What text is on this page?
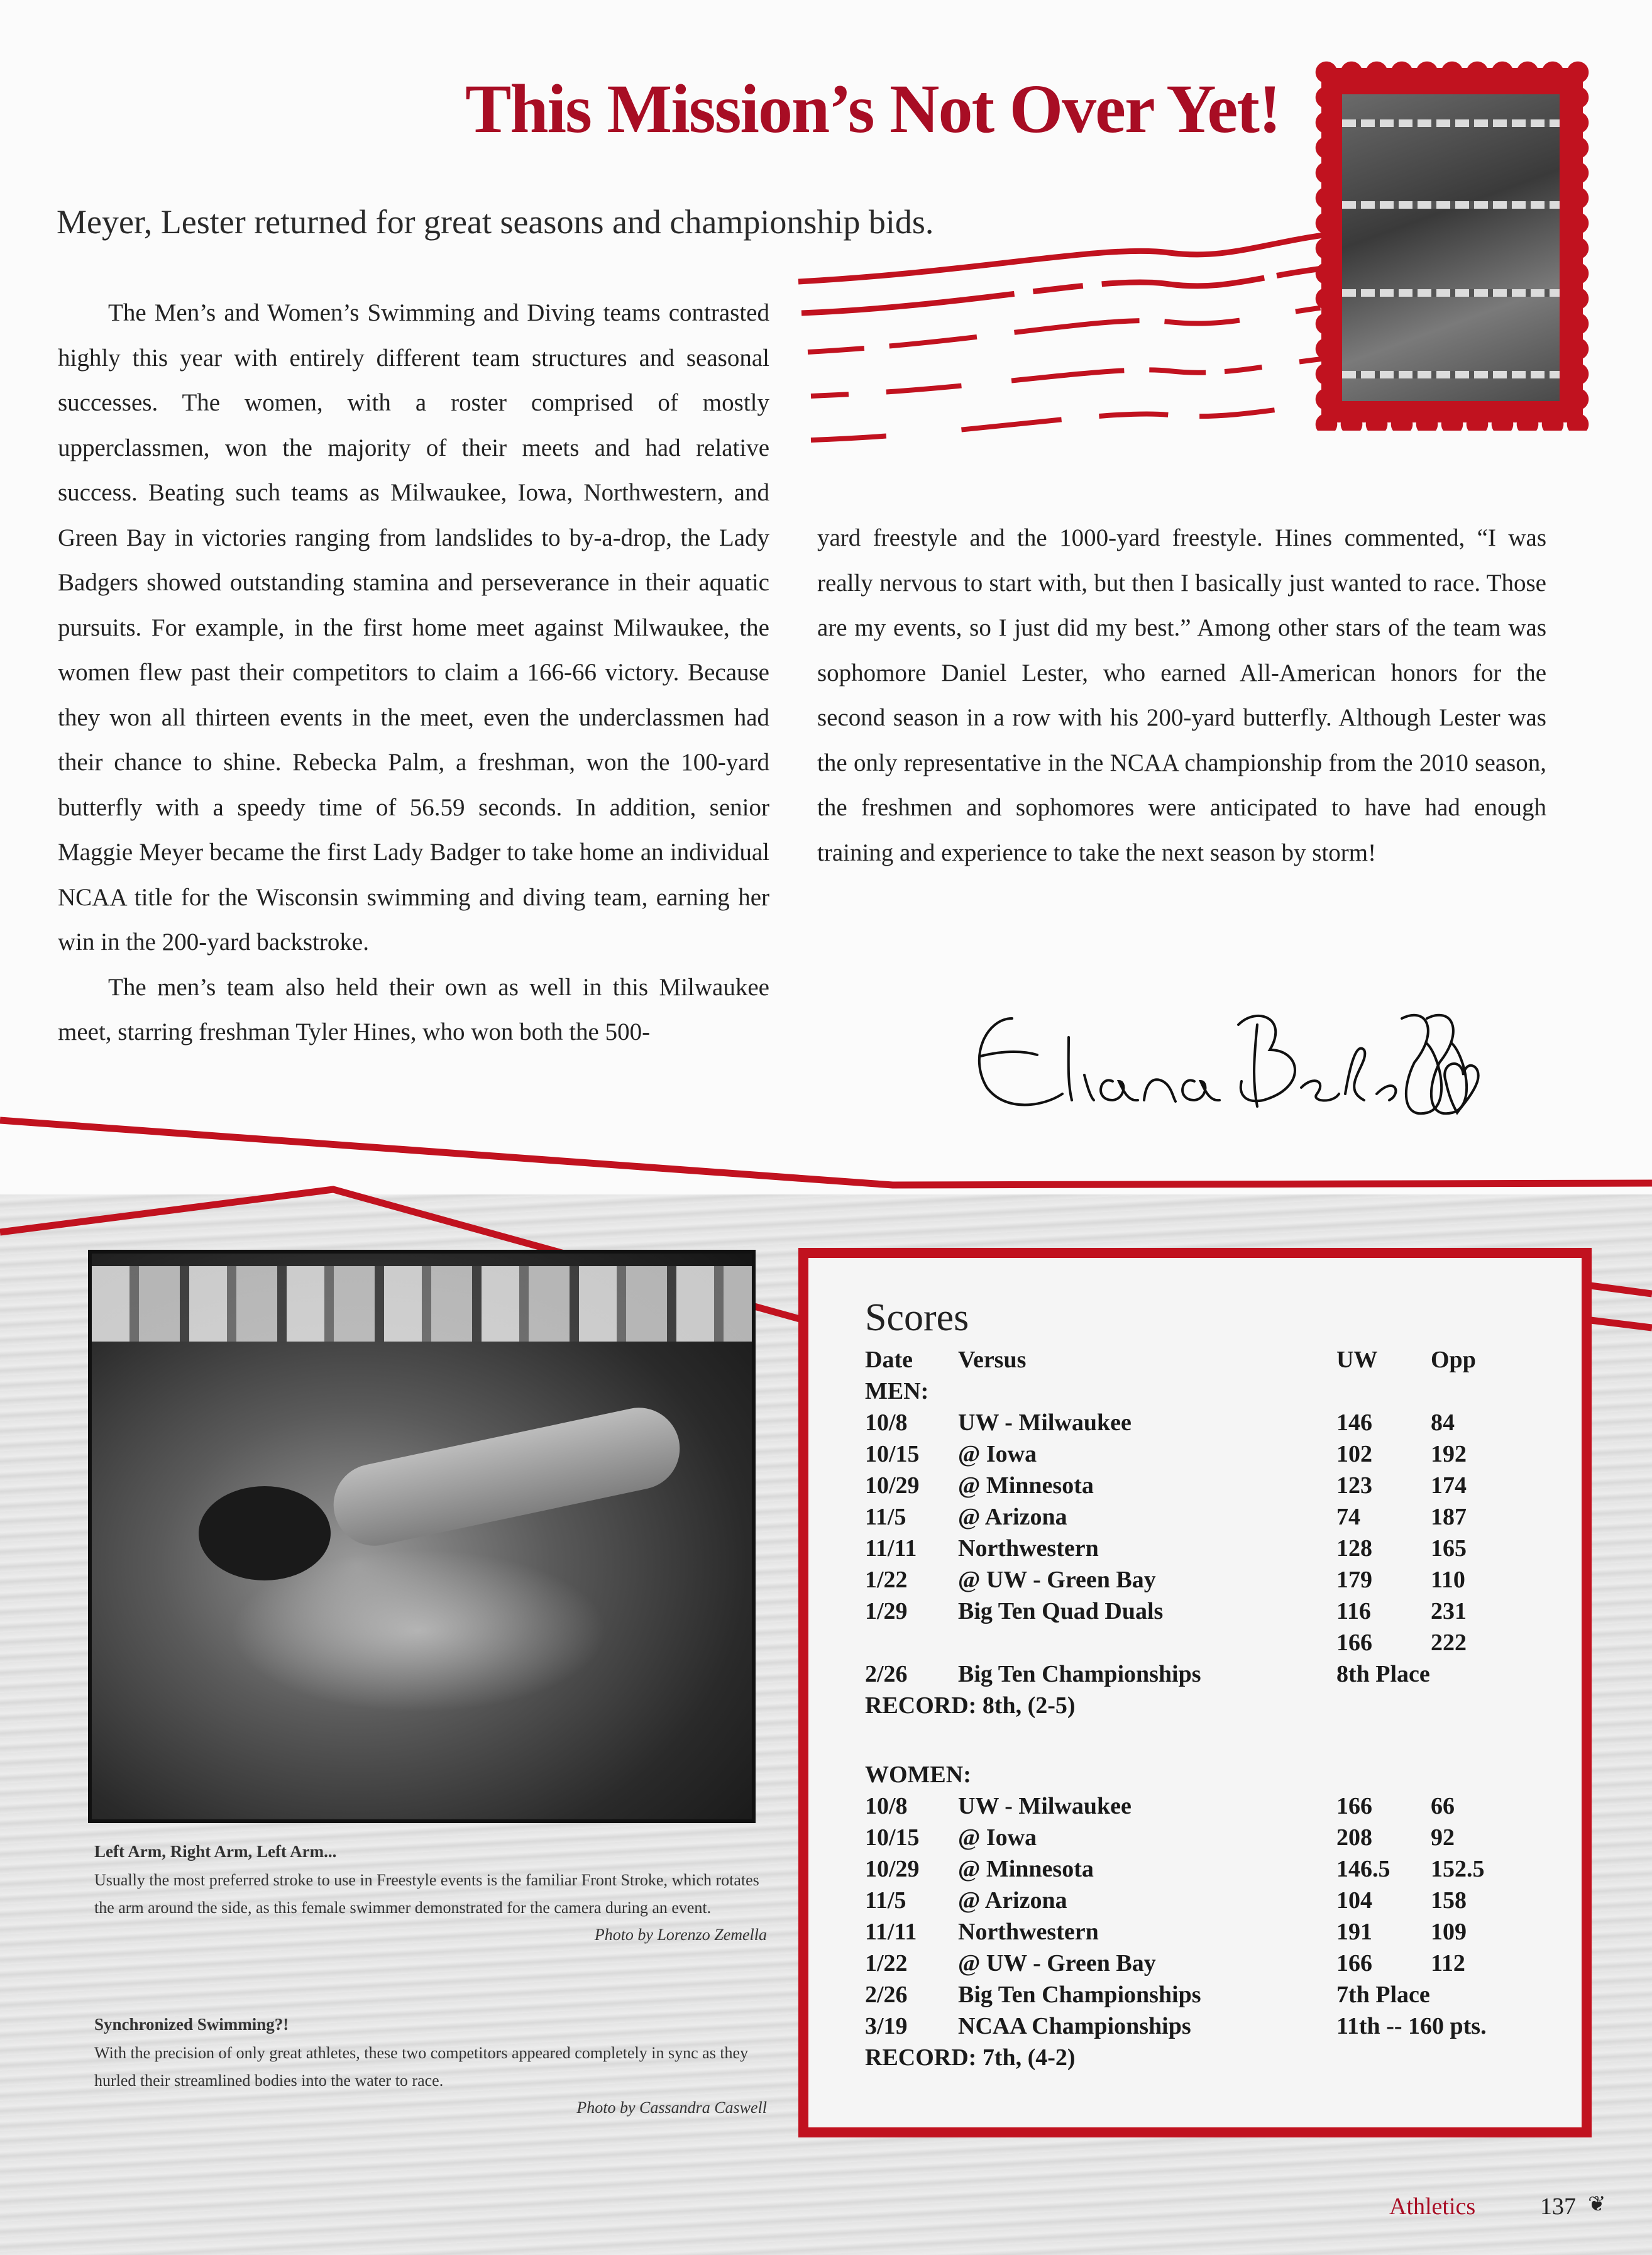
This Mission’s Not Over Yet!

Meyer, Lester returned for great seasons and championship bids.

The Men’s and Women’s Swimming and Diving teams contrasted highly this year with entirely different team structures and seasonal successes. The women, with a roster comprised of mostly upperclassmen, won the majority of their meets and had relative success. Beating such teams as Milwaukee, Iowa, Northwestern, and Green Bay in victories ranging from landslides to by-a-drop, the Lady Badgers showed outstanding stamina and perseverance in their aquatic pursuits. For example, in the first home meet against Milwaukee, the women flew past their competitors to claim a 166-66 victory. Because they won all thirteen events in the meet, even the underclassmen had their chance to shine. Rebecka Palm, a freshman, won the 100-yard butterfly with a speedy time of 56.59 seconds. In addition, senior Maggie Meyer became the first Lady Badger to take home an individual NCAA title for the Wisconsin swimming and diving team, earning her win in the 200-yard backstroke.

The men’s team also held their own as well in this Milwaukee meet, starring freshman Tyler Hines, who won both the 500-

yard freestyle and the 1000-yard freestyle. Hines commented, “I was really nervous to start with, but then I basically just wanted to race. Those are my events, so I just did my best.” Among other stars of the team was sophomore Daniel Lester, who earned All-American honors for the second season in a row with his 200-yard butterfly. Although Lester was the only representative in the NCAA championship from the 2010 season, the freshmen and sophomores were anticipated to have had enough training and experience to take the next season by storm!

Left Arm, Right Arm, Left Arm...

Usually the most preferred stroke to use in Freestyle events is the familiar Front Stroke, which rotates the arm around the side, as this female swimmer demonstrated for the camera during an event.

Photo by Lorenzo Zemella

Synchronized Swimming?!

With the precision of only great athletes, these two competitors appeared completely in sync as they hurled their streamlined bodies into the water to race.

Photo by Cassandra Caswell

Scores

Date Versus	UW Opp
MEN:
10/8 UW - Milwaukee	146 84
10/15 @ Iowa	102 192
10/29 @ Minnesota	123 174
11/5 @ Arizona	74	187
11/11 Northwestern	128 165
1/22 @ UW - Green Bay	179 110
1/29 Big Ten Quad Duals	116	231
166 222
2/26 Big Ten Championships	8th Place
RECORD: 8th, (2-5)
WOMEN:
10/8 UW - Milwaukee	166 66
10/15 @ Iowa	208 92
10/29 @ Minnesota	146.5 152.5
11/5 @ Arizona	104 158
11/11 Northwestern	191 109
1/22 @ UW - Green Bay	166 112
2/26 Big Ten Championships	7th Place
3/19 NCAA Championships	11th -- 160 pts.
RECORD: 7th, (4-2)
Athletics	137 ❦
